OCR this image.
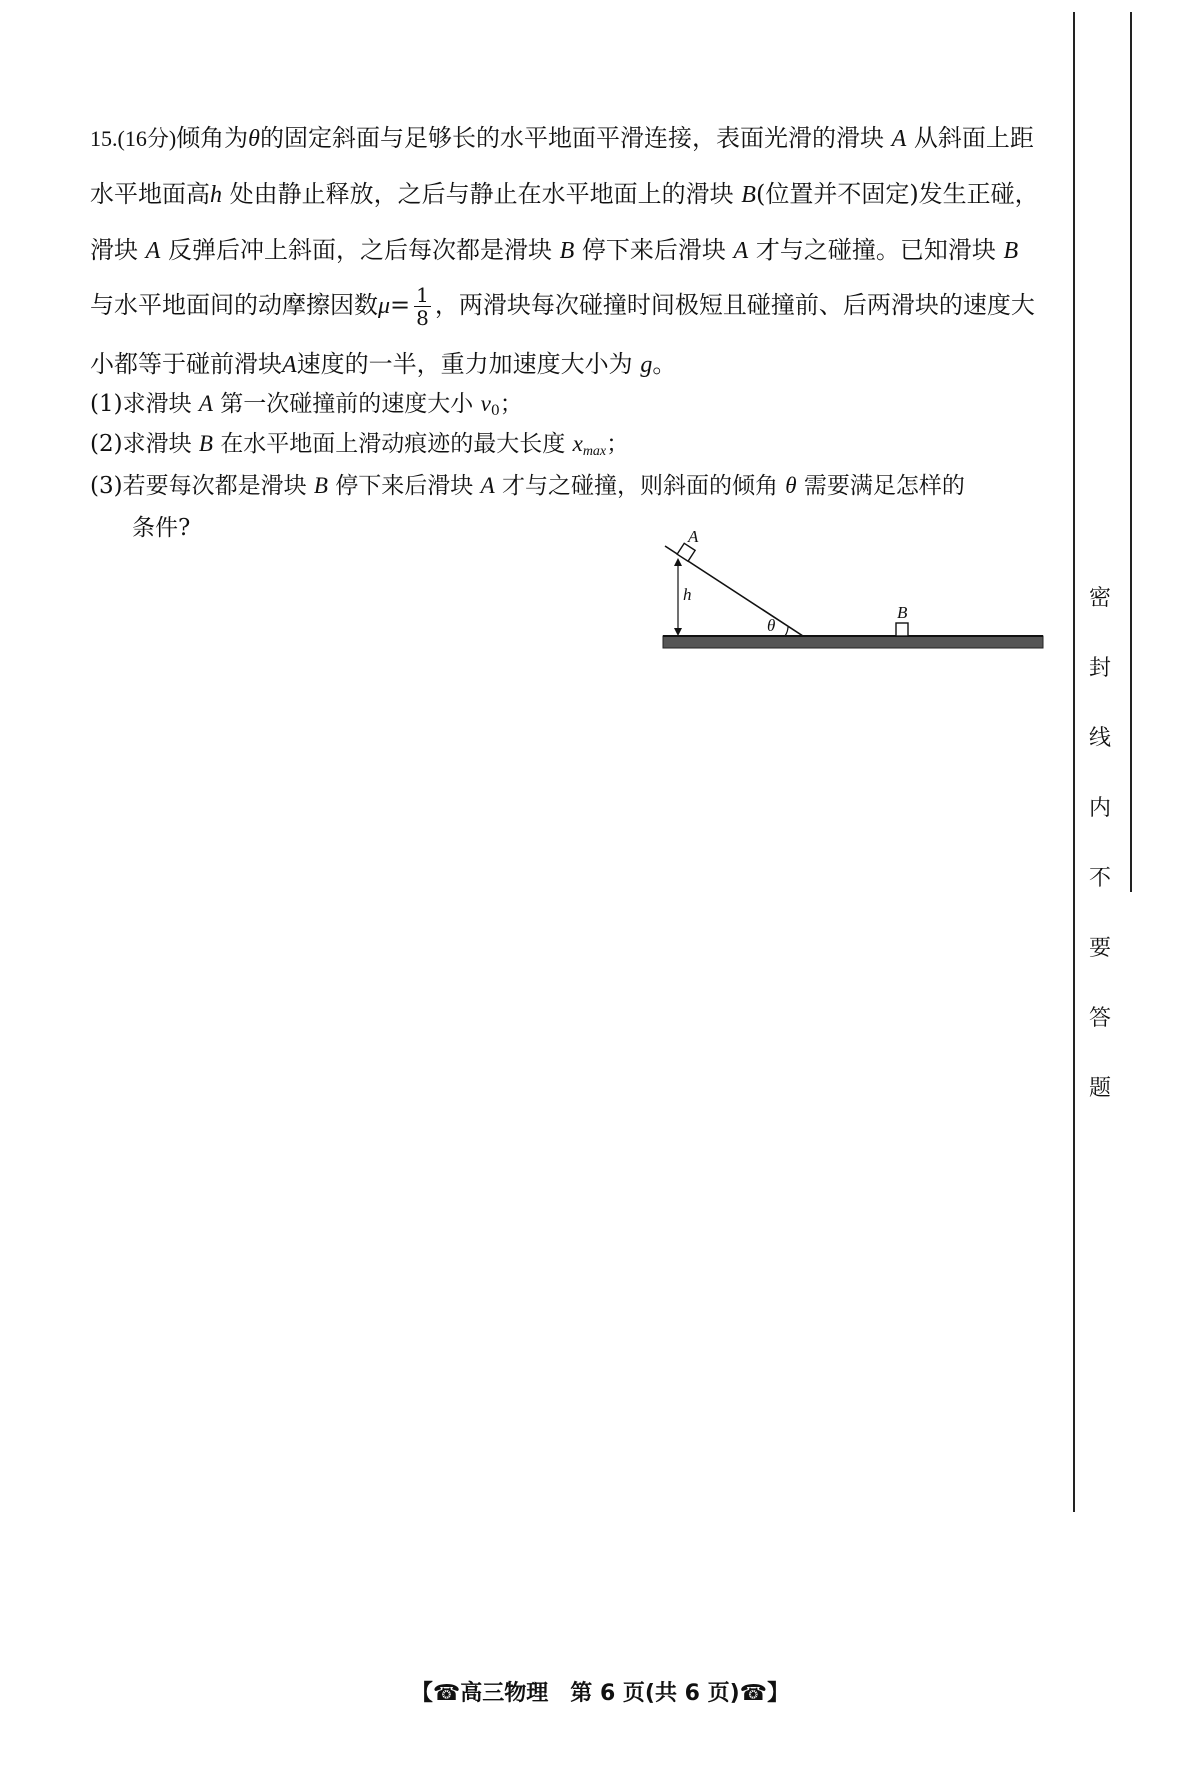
密
封
线
内
不
要
答
题
15.(16分)倾角为θ的固定斜面与足够长的水平地面平滑连接，表面光滑的滑块 A 从斜面上距
水平地面高h 处由静止释放，之后与静止在水平地面上的滑块 B(位置并不固定)发生正碰，
滑块 A 反弹后冲上斜面，之后每次都是滑块 B 停下来后滑块 A 才与之碰撞。已知滑块 B
与水平地面间的动摩擦因数$\mu= \frac{1}{8}$ ，两滑块每次碰撞时间极短且碰撞前、后两滑块的速度大
小都等于碰前滑块A速度的一半，重力加速度大小为 g。
(1)求滑块 A 第一次碰撞前的速度大小 $v_0$；
(2)求滑块 B 在水平地面上滑动痕迹的最大长度 $x_{max}$；
(3)若要每次都是滑块 B 停下来后滑块 A 才与之碰撞，则斜面的倾角 θ 需要满足怎样的
条件?	A
h
θ
B
【☎高三物理　第 6 页(共 6 页)☎】
